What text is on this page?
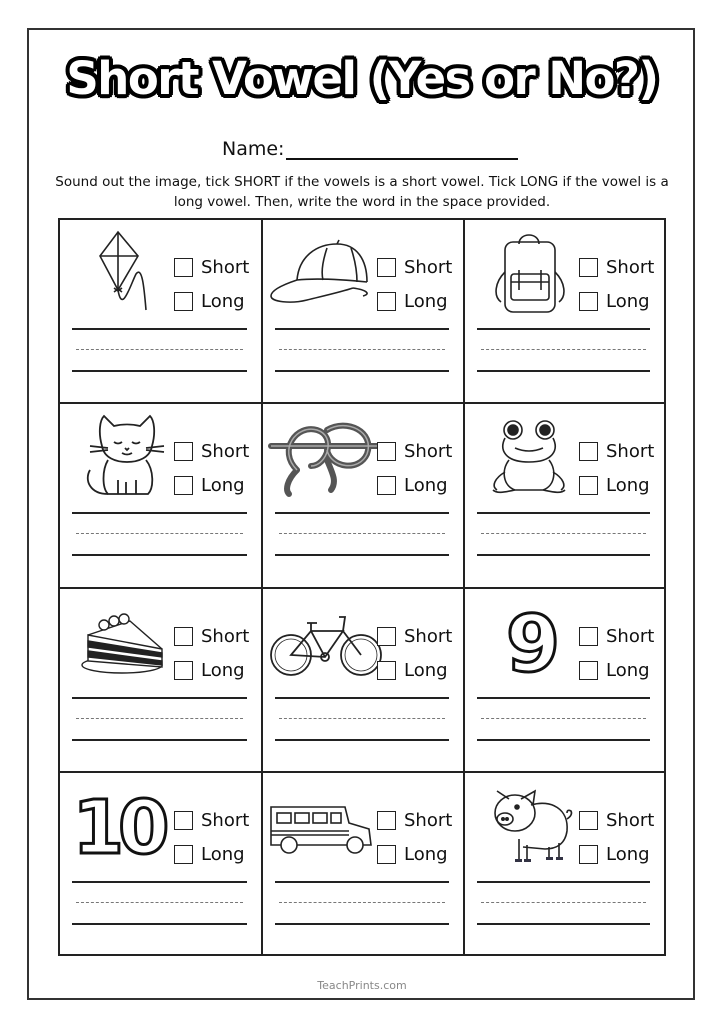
Short Vowel (Yes or No?)
Name:
Sound out the image, tick SHORT if the vowels is a short vowel. Tick LONG if the vowel is a long vowel. Then, write the word in the space provided.
Short
Long
Short
Long
Short
Long
Short
Long
Short
Long
Short
Long
Short
Long
Short
Long 9	Short
Long
10 Short
Long
Short
Long
Short
Long
TeachPrints.com
